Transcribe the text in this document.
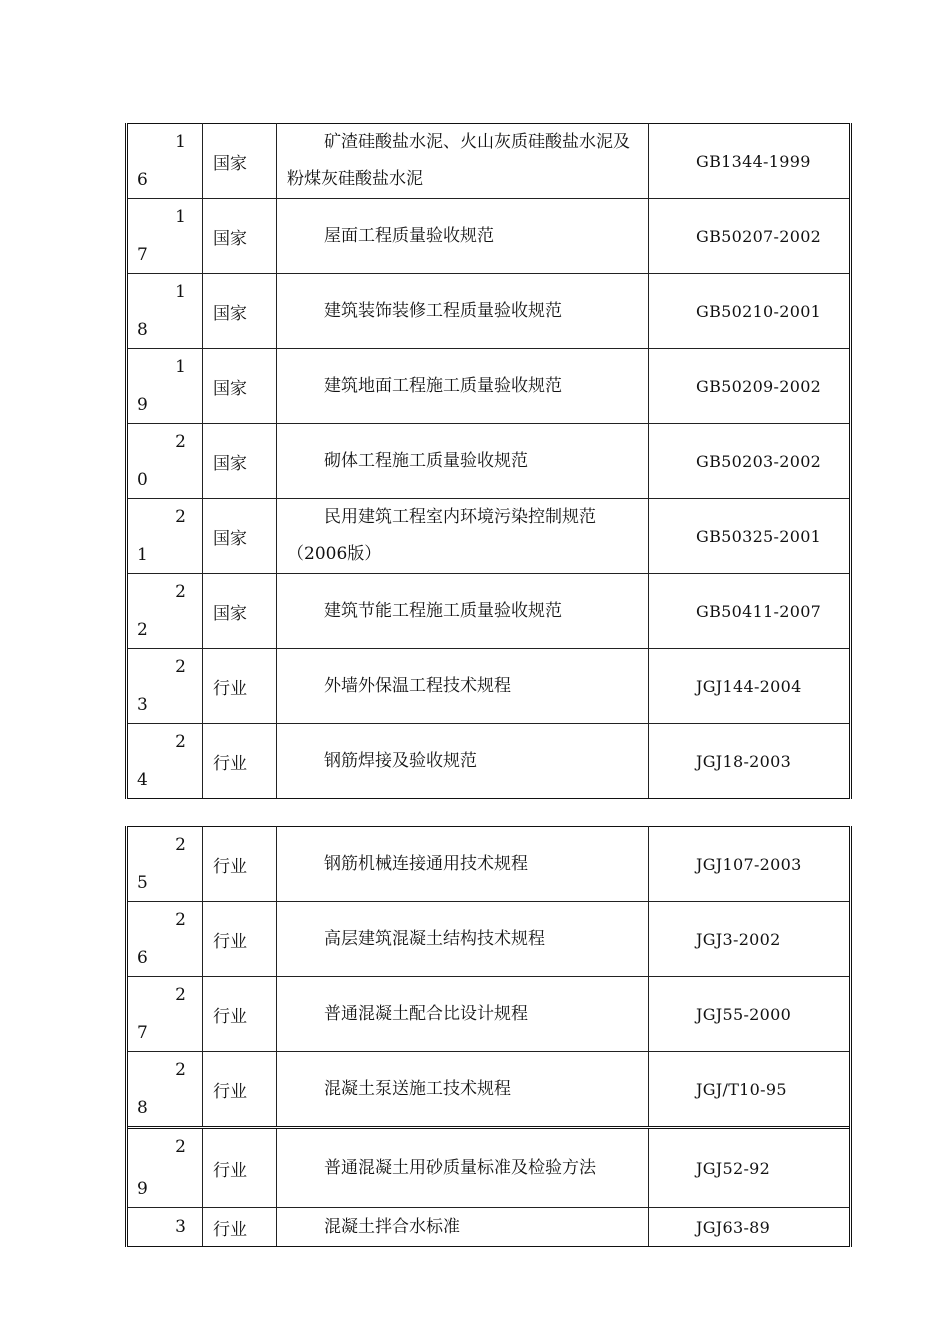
1
6	国家	矿渣硅酸盐水泥、火山灰质硅酸盐水泥及粉煤灰硅酸盐水泥	GB1344-1999

1
7	国家	屋面工程质量验收规范	GB50207-2002

1
8	国家	建筑装饰装修工程质量验收规范	GB50210-2001

1
9	国家	建筑地面工程施工质量验收规范	GB50209-2002

2
0	国家	砌体工程施工质量验收规范	GB50203-2002

2
1	国家	民用建筑工程室内环境污染控制规范（2006版）	GB50325-2001

2
2	国家	建筑节能工程施工质量验收规范	GB50411-2007

2
3	行业	外墙外保温工程技术规程	JGJ144-2004

2
4	行业	钢筋焊接及验收规范	JGJ18-2003
2
5	行业	钢筋机械连接通用技术规程	JGJ107-2003

2
6	行业	高层建筑混凝土结构技术规程	JGJ3-2002

2
7	行业	普通混凝土配合比设计规程	JGJ55-2000

2
8	行业	混凝土泵送施工技术规程	JGJ/T10-95

2
9	行业	普通混凝土用砂质量标准及检验方法	JGJ52-92

3	行业	混凝土拌合水标准	JGJ63-89
